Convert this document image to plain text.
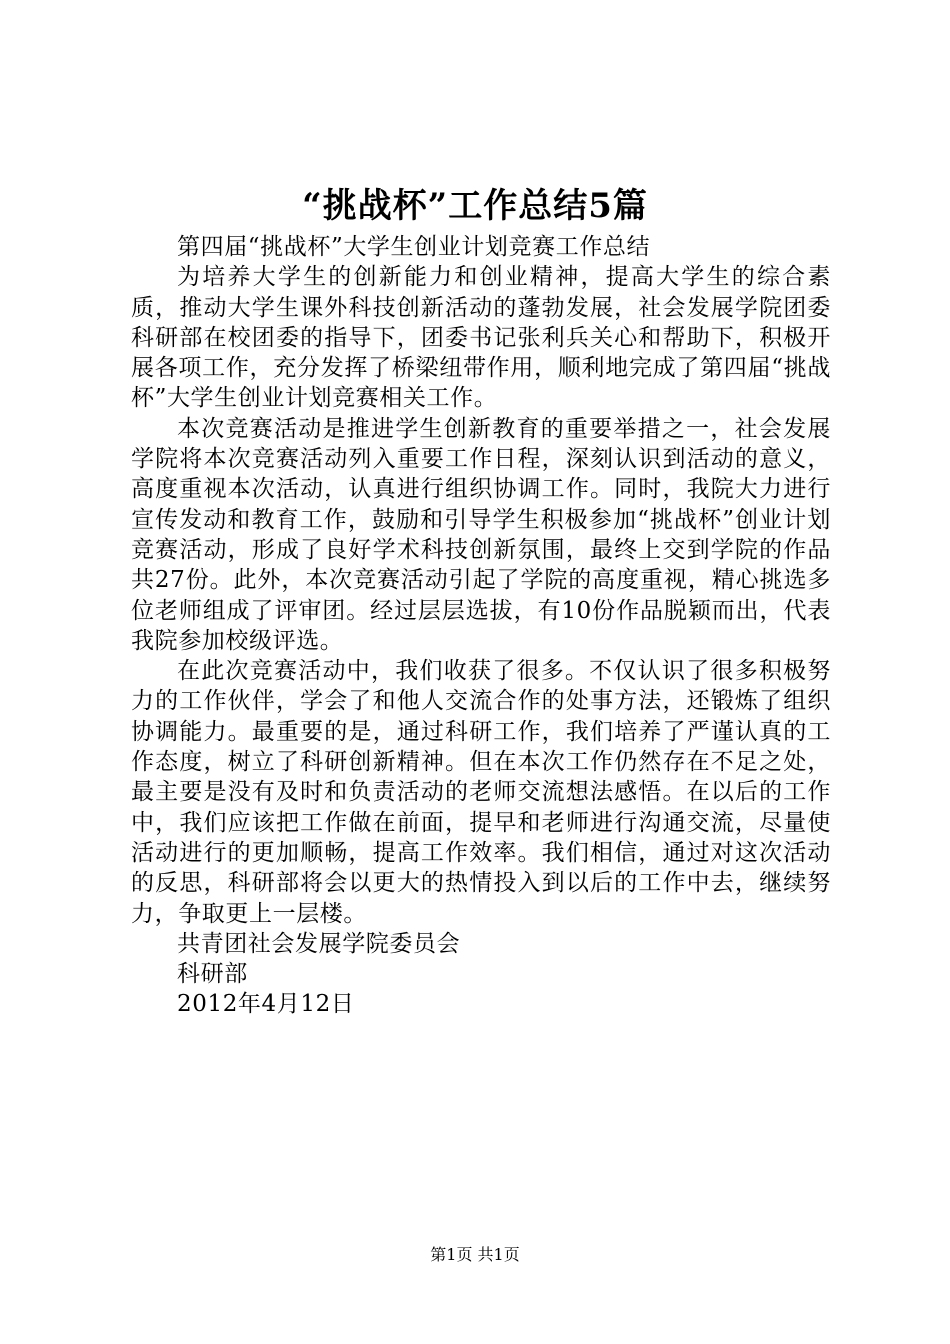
“挑战杯”工作总结5篇

第四届“挑战杯”大学生创业计划竞赛工作总结

为培养大学生的创新能力和创业精神，提高大学生的综合素质，推动大学生课外科技创新活动的蓬勃发展，社会发展学院团委科研部在校团委的指导下，团委书记张利兵关心和帮助下，积极开展各项工作，充分发挥了桥梁纽带作用，顺利地完成了第四届“挑战杯”大学生创业计划竞赛相关工作。

本次竞赛活动是推进学生创新教育的重要举措之一，社会发展学院将本次竞赛活动列入重要工作日程，深刻认识到活动的意义，高度重视本次活动，认真进行组织协调工作。同时，我院大力进行宣传发动和教育工作，鼓励和引导学生积极参加“挑战杯”创业计划竞赛活动，形成了良好学术科技创新氛围，最终上交到学院的作品共27份。此外，本次竞赛活动引起了学院的高度重视，精心挑选多位老师组成了评审团。经过层层选拔，有10份作品脱颖而出，代表我院参加校级评选。

在此次竞赛活动中，我们收获了很多。不仅认识了很多积极努力的工作伙伴，学会了和他人交流合作的处事方法，还锻炼了组织协调能力。最重要的是，通过科研工作，我们培养了严谨认真的工作态度，树立了科研创新精神。但在本次工作仍然存在不足之处，最主要是没有及时和负责活动的老师交流想法感悟。在以后的工作中，我们应该把工作做在前面，提早和老师进行沟通交流，尽量使活动进行的更加顺畅，提高工作效率。我们相信，通过对这次活动的反思，科研部将会以更大的热情投入到以后的工作中去，继续努力，争取更上一层楼。

共青团社会发展学院委员会

科研部

2012年4月12日

第1页 共1页
